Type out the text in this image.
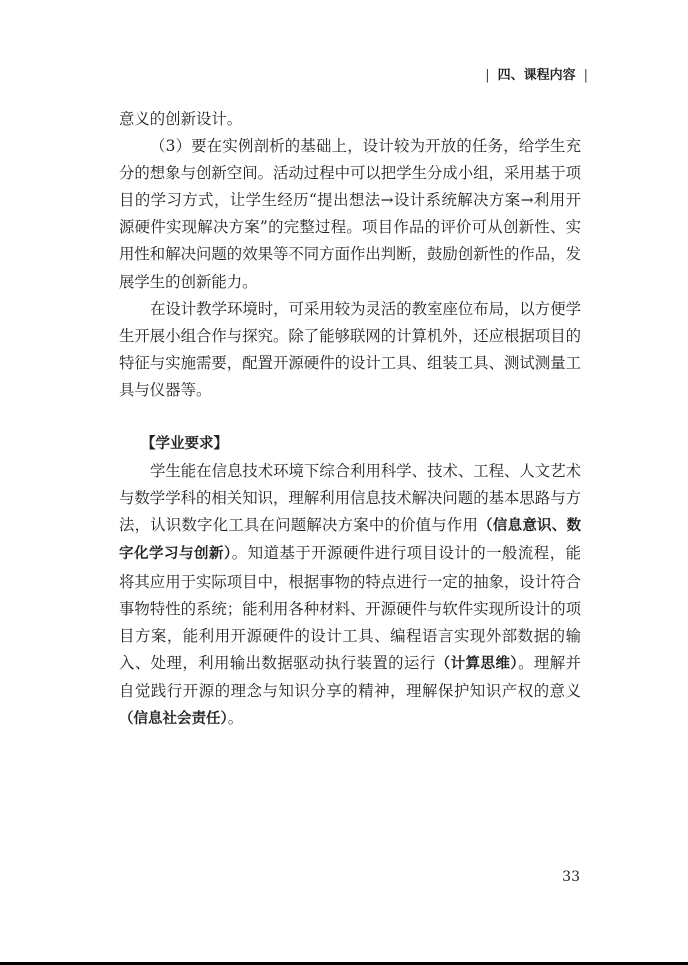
| 四、课程内容 |

意义的创新设计。

（3）要在实例剖析的基础上，设计较为开放的任务，给学生充分的想象与创新空间。活动过程中可以把学生分成小组，采用基于项目的学习方式，让学生经历“提出想法→设计系统解决方案→利用开源硬件实现解决方案”的完整过程。项目作品的评价可从创新性、实用性和解决问题的效果等不同方面作出判断，鼓励创新性的作品，发展学生的创新能力。

在设计教学环境时，可采用较为灵活的教室座位布局，以方便学生开展小组合作与探究。除了能够联网的计算机外，还应根据项目的特征与实施需要，配置开源硬件的设计工具、组装工具、测试测量工具与仪器等。

【学业要求】

学生能在信息技术环境下综合利用科学、技术、工程、人文艺术与数学学科的相关知识，理解利用信息技术解决问题的基本思路与方法，认识数字化工具在问题解决方案中的价值与作用（信息意识、数字化学习与创新）。知道基于开源硬件进行项目设计的一般流程，能将其应用于实际项目中，根据事物的特点进行一定的抽象，设计符合事物特性的系统；能利用各种材料、开源硬件与软件实现所设计的项目方案，能利用开源硬件的设计工具、编程语言实现外部数据的输入、处理，利用输出数据驱动执行装置的运行（计算思维）。理解并自觉践行开源的理念与知识分享的精神，理解保护知识产权的意义（信息社会责任）。

33
